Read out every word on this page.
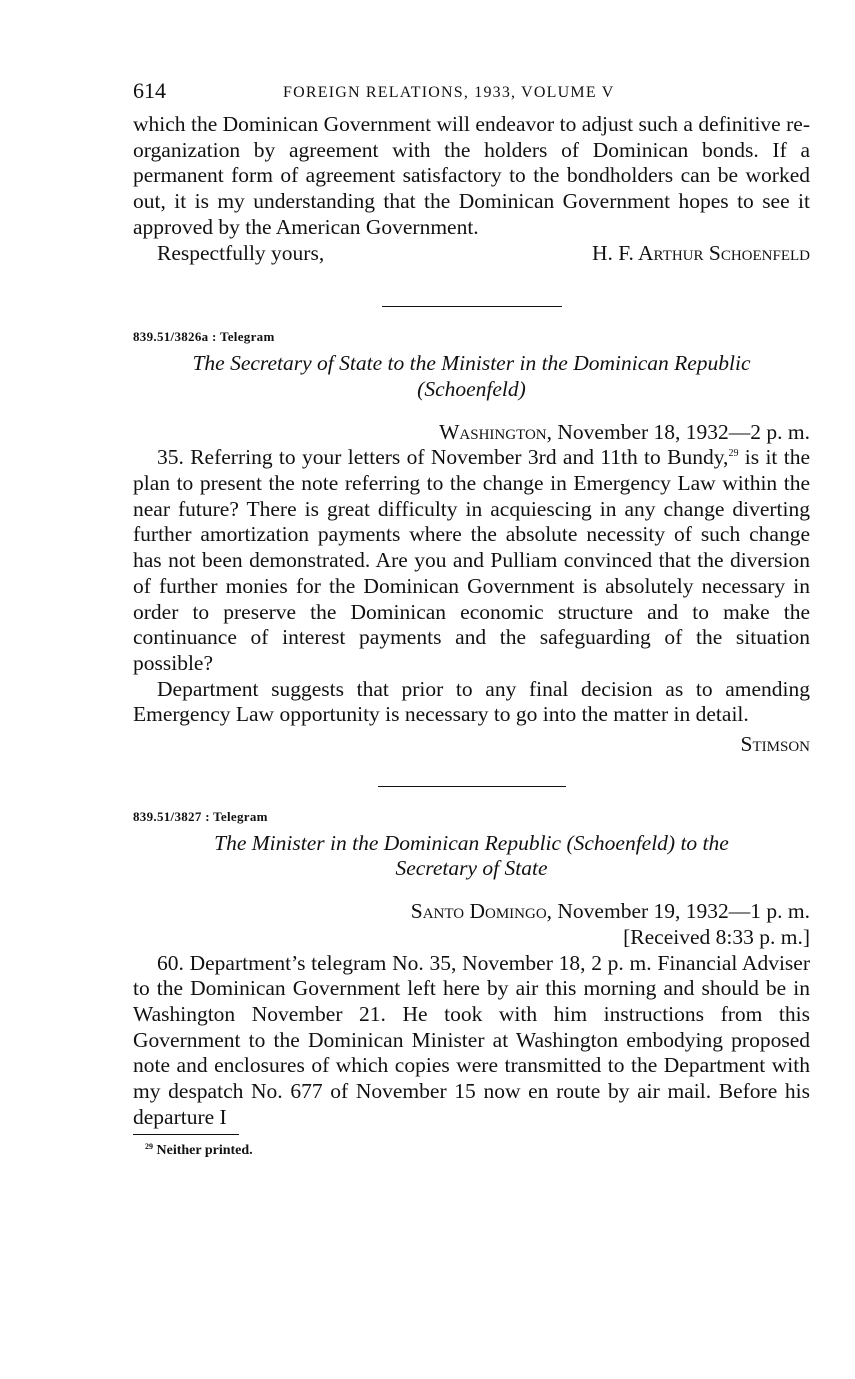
614	FOREIGN RELATIONS, 1933, VOLUME V

which the Dominican Government will endeavor to adjust such a definitive re-organization by agreement with the holders of Dominican bonds. If a permanent form of agreement satisfactory to the bondholders can be worked out, it is my understanding that the Dominican Government hopes to see it approved by the American Government.

Respectfully yours,	H. F. Arthur Schoenfeld
839.51/3826a : Telegram
The Secretary of State to the Minister in the Dominican Republic
(Schoenfeld)
Washington, November 18, 1932—2 p. m.

35. Referring to your letters of November 3rd and 11th to Bundy,$^{29}$ is it the plan to present the note referring to the change in Emergency Law within the near future? There is great difficulty in acquiescing in any change diverting further amortization payments where the absolute necessity of such change has not been demonstrated. Are you and Pulliam convinced that the diversion of further monies for the Dominican Government is absolutely necessary in order to preserve the Dominican economic structure and to make the continuance of interest payments and the safeguarding of the situation possible?

Department suggests that prior to any final decision as to amending Emergency Law opportunity is necessary to go into the matter in detail.

Stimson
839.51/3827 : Telegram
The Minister in the Dominican Republic (Schoenfeld) to the
Secretary of State
Santo Domingo, November 19, 1932—1 p. m.
[Received 8:33 p. m.]

60. Department’s telegram No. 35, November 18, 2 p. m. Financial Adviser to the Dominican Government left here by air this morning and should be in Washington November 21. He took with him instructions from this Government to the Dominican Minister at Washington embodying proposed note and enclosures of which copies were transmitted to the Department with my despatch No. 677 of November 15 now en route by air mail. Before his departure I

$^{29}$ Neither printed.
